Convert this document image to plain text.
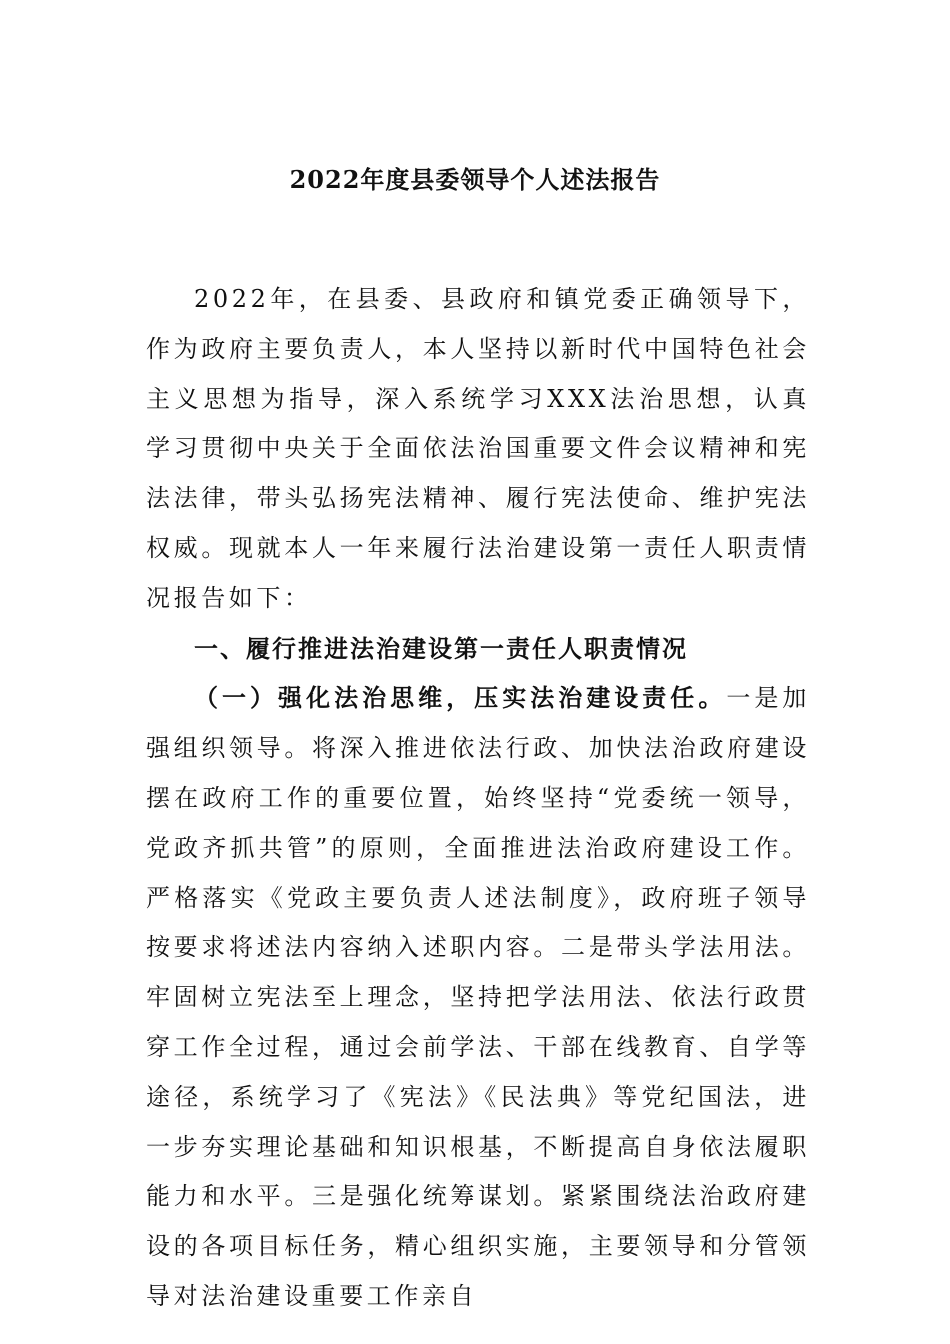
2022年度县委领导个人述法报告

2022年，在县委、县政府和镇党委正确领导下，作为政府主要负责人，本人坚持以新时代中国特色社会主义思想为指导，深入系统学习XXX法治思想，认真学习贯彻中央关于全面依法治国重要文件会议精神和宪法法律，带头弘扬宪法精神、履行宪法使命、维护宪法权威。现就本人一年来履行法治建设第一责任人职责情况报告如下：

一、履行推进法治建设第一责任人职责情况

（一）强化法治思维，压实法治建设责任。一是加强组织领导。将深入推进依法行政、加快法治政府建设摆在政府工作的重要位置，始终坚持“党委统一领导，党政齐抓共管”的原则，全面推进法治政府建设工作。严格落实《党政主要负责人述法制度》，政府班子领导按要求将述法内容纳入述职内容。二是带头学法用法。牢固树立宪法至上理念，坚持把学法用法、依法行政贯穿工作全过程，通过会前学法、干部在线教育、自学等途径，系统学习了《宪法》《民法典》等党纪国法，进一步夯实理论基础和知识根基，不断提高自身依法履职能力和水平。三是强化统筹谋划。紧紧围绕法治政府建设的各项目标任务，精心组织实施，主要领导和分管领导对法治建设重要工作亲自
